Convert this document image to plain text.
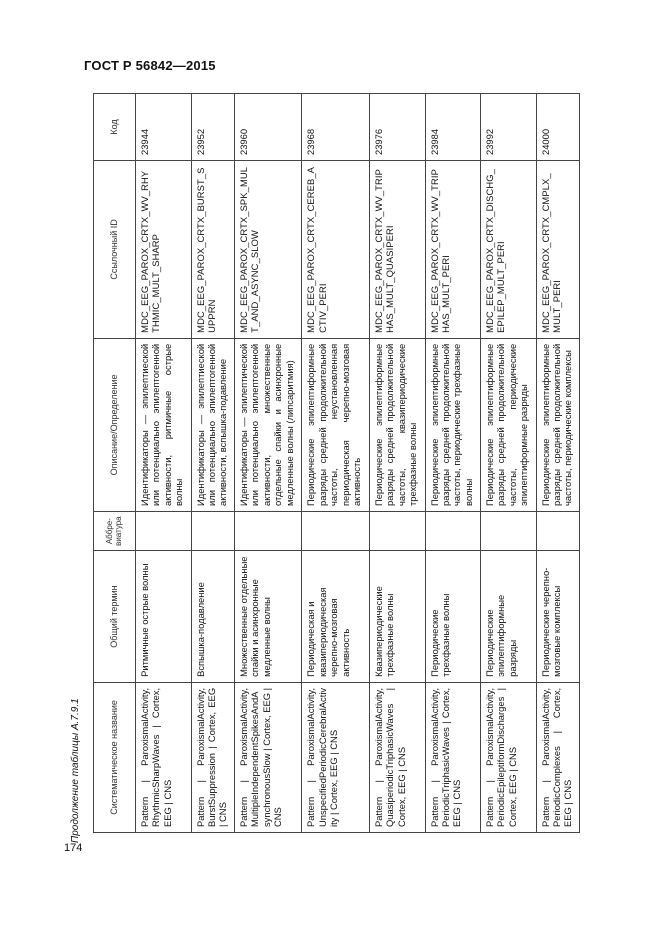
ГОСТ Р 56842—2015
Продолжение таблицы А.7.9.1
174
Систематическое название	Общий термин	Аббре-виатура	Описание/Определение	Ссылочный ID	Код
Pattern | ParoxismalActivity, RhythmicSharpWaves | Cortex, EEG | CNS	Ритмичные острые волны		Идентификаторы — эпилептиеской или потенциально эпилептогенной активности, ритмичные острые волны	MDC_EEG_PAROX_CRTX_WV_RHYTHMIC_MULT_SHARP	23944
Pattern | ParoxismalActivity, BurstSuppression | Cortex, EEG | CNS	Вспышка-подавление		Идентификаторы — эпилептиеской или потенциально эпилептогенной активности, вспышка-подавление	MDC_EEG_PAROX_CRTX_BURST_SUPPRN	23952
Pattern | ParoxismalActivity, MultipleIndependentSpikesAndAsynchronousSlow | Cortex, EEG | CNS	Множественные отдельные спайки и асинхронные медленные волны		Идентификаторы — эпилептической или потенциально эпилептогенной активности, множественные отдельные спайки и асинхронные медленные волны (липсаритмия)	MDC_EEG_PAROX_CRTX_SPK_MULT_AND_ASYNC_SLOW	23960
Pattern | ParoxismalActivity, UnspecifiedPeriodicCerebralActivity | Cortex, EEG | CNS	Периодическая и квазипериодическая черепно-мозговая активность		Периодические эпилептиформные разряды средней продолжительной частоты, неустановленная периодическая черепно-мозговая активность	MDC_EEG_PAROX_CRTX_CEREB_ACTIV_PERI	23968
Pattern | ParoxismalActivity, QuasiperiodicTriphasicWaves | Cortex, EEG | CNS	Квазипериодические трехфазные волны		Периодические эпилептиформные разряды средней продолжительной частоты, квазипериодические трехфазные волны	MDC_EEG_PAROX_CRTX_WV_TRIPHAS_MULT_QUASIPERI	23976
Pattern | ParoxismalActivity, PeriodicTriphasicWaves | Cortex, EEG | CNS	Периодические трехфазные волны		Периодические эпилептиформные разряды средней продолжительной частоты, периодические трехфазные волны	MDC_EEG_PAROX_CRTX_WV_TRIPHAS_MULT_PERI	23984
Pattern | ParoxismalActivity, PeriodicEpileptiformDischarges | Cortex, EEG | CNS	Периодические эпилептиформные разряды		Периодические эпилептиформные разряды средней продолжительной частоты, периодические эпилептиформные разряды	MDC_EEG_PAROX_CRTX_DISCHG_EPILEP_MULT_PERI	23992
Pattern | ParoxismalActivity, PeriodicComplexes | Cortex, EEG | CNS	Периодические черепно-мозговые комплексы		Периодические эпилептиформные разряды средней продолжительной частоты, периодические комплексы	MDC_EEG_PAROX_CRTX_CMPLX_MULT_PERI	24000
